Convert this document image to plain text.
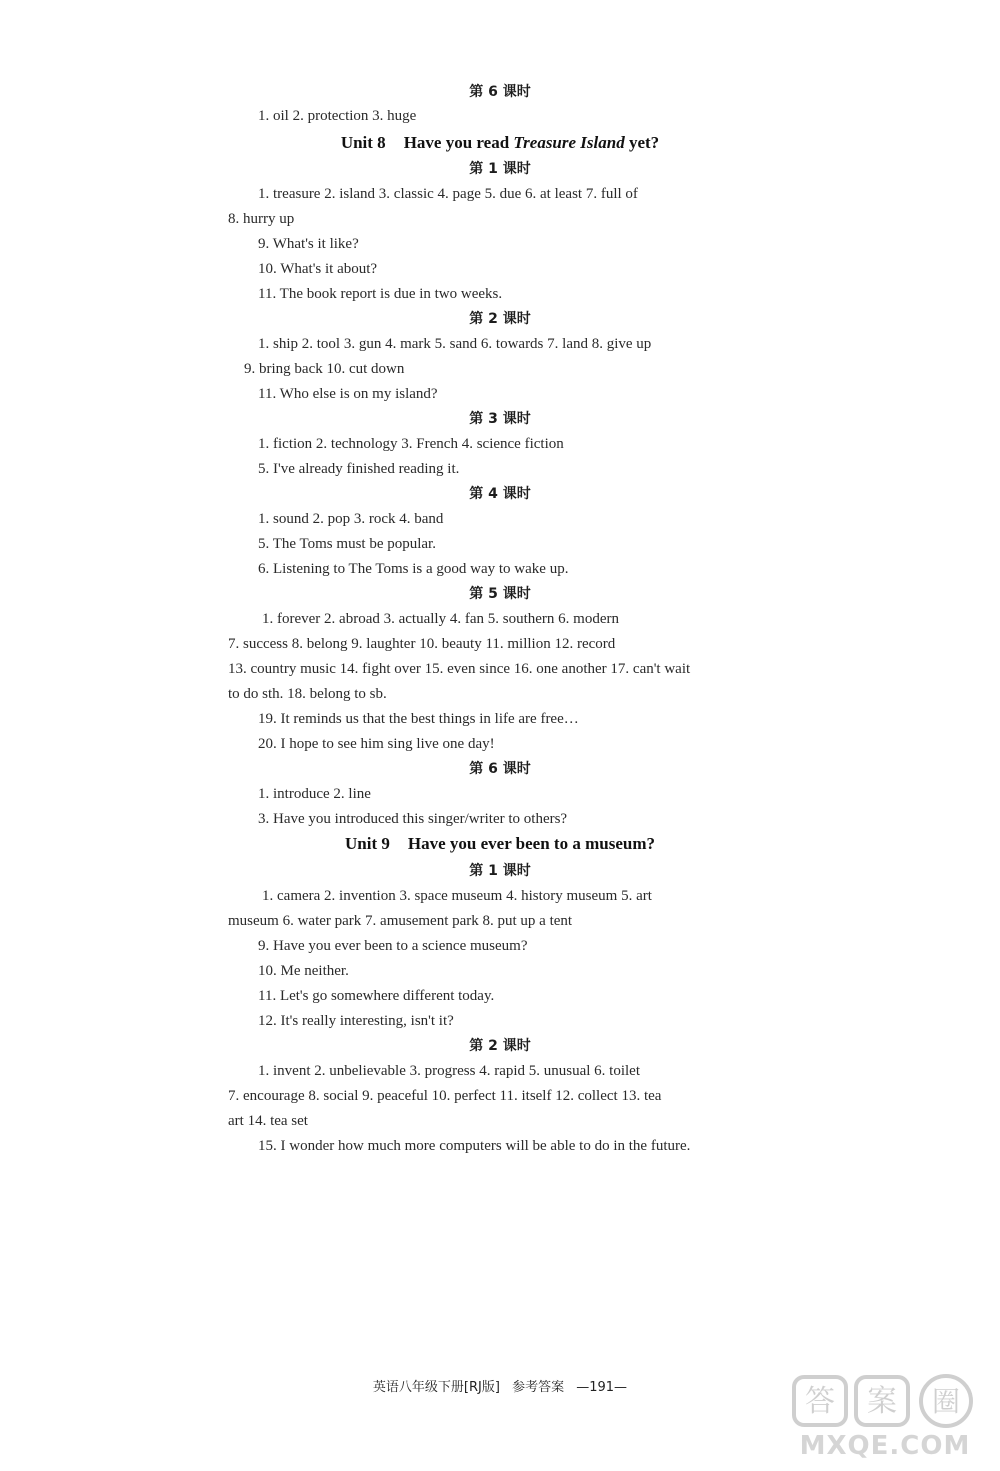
第 6 课时
1. oil 2. protection 3. huge
Unit 8 Have you read Treasure Island yet?
第 1 课时
1. treasure 2. island 3. classic 4. page 5. due 6. at least 7. full of
8. hurry up
9. What's it like?
10. What's it about?
11. The book report is due in two weeks.
第 2 课时
1. ship 2. tool 3. gun 4. mark 5. sand 6. towards 7. land 8. give up
9. bring back 10. cut down
11. Who else is on my island?
第 3 课时
1. fiction 2. technology 3. French 4. science fiction
5. I've already finished reading it.
第 4 课时
1. sound 2. pop 3. rock 4. band
5. The Toms must be popular.
6. Listening to The Toms is a good way to wake up.
第 5 课时
1. forever 2. abroad 3. actually 4. fan 5. southern 6. modern
7. success 8. belong 9. laughter 10. beauty 11. million 12. record
13. country music 14. fight over 15. even since 16. one another 17. can't wait
to do sth. 18. belong to sb.
19. It reminds us that the best things in life are free…
20. I hope to see him sing live one day!
第 6 课时
1. introduce 2. line
3. Have you introduced this singer/writer to others?
Unit 9 Have you ever been to a museum?
第 1 课时
1. camera 2. invention 3. space museum 4. history museum 5. art
museum 6. water park 7. amusement park 8. put up a tent
9. Have you ever been to a science museum?
10. Me neither.
11. Let's go somewhere different today.
12. It's really interesting, isn't it?
第 2 课时
1. invent 2. unbelievable 3. progress 4. rapid 5. unusual 6. toilet
7. encourage 8. social 9. peaceful 10. perfect 11. itself 12. collect 13. tea
art 14. tea set
15. I wonder how much more computers will be able to do in the future.
英语八年级下册[RJ版] 参考答案 —191—	答 案 圈
MXQE.COM
